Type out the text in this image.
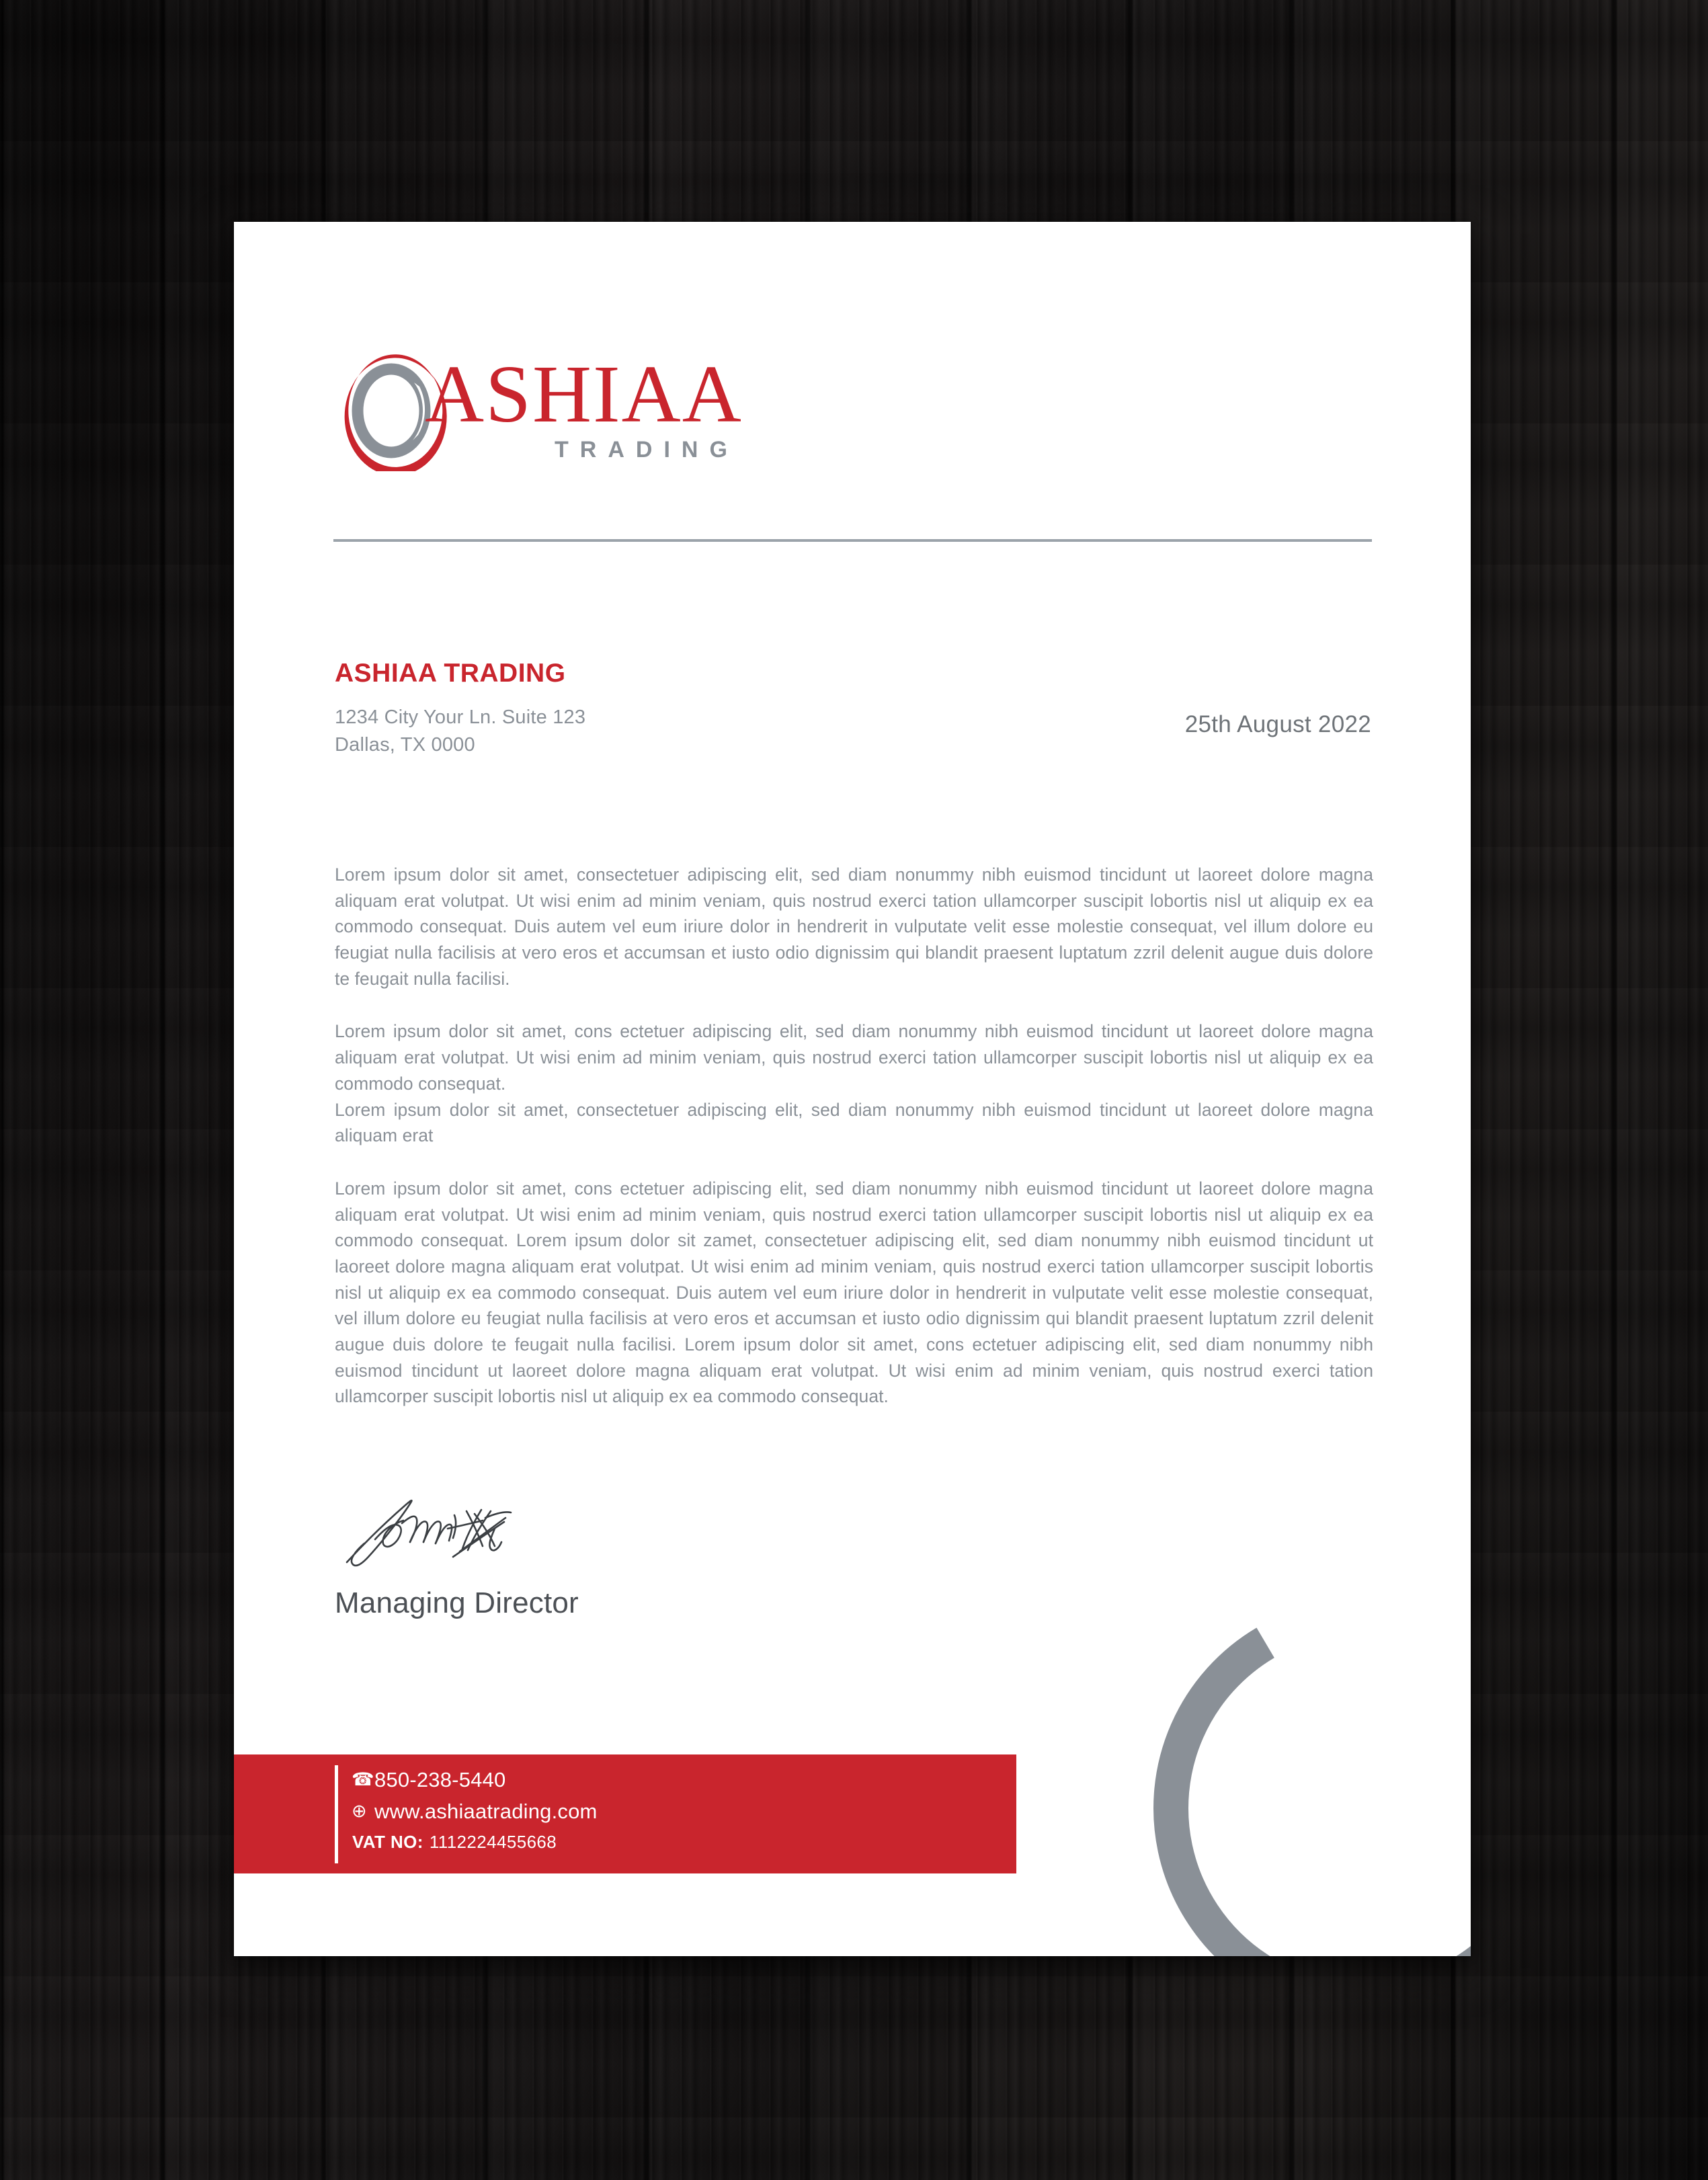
ASHIAA
TRADING
ASHIAA TRADING
1234 City Your Ln. Suite 123
Dallas, TX 0000
25th August 2022

Lorem ipsum dolor sit amet, consectetuer adipiscing elit, sed diam nonummy nibh euismod tincidunt ut laoreet dolore magna aliquam erat volutpat. Ut wisi enim ad minim veniam, quis nostrud exerci tation ullamcorper suscipit lobortis nisl ut aliquip ex ea commodo consequat. Duis autem vel eum iriure dolor in hendrerit in vulputate velit esse molestie consequat, vel illum dolore eu feugiat nulla facilisis at vero eros et accumsan et iusto odio dignissim qui blandit praesent luptatum zzril delenit augue duis dolore te feugait nulla facilisi.

Lorem ipsum dolor sit amet, cons ectetuer adipiscing elit, sed diam nonummy nibh euismod tincidunt ut laoreet dolore magna aliquam erat volutpat. Ut wisi enim ad minim veniam, quis nostrud exerci tation ullamcorper suscipit lobortis nisl ut aliquip ex ea commodo consequat.

Lorem ipsum dolor sit amet, consectetuer adipiscing elit, sed diam nonummy nibh euismod tincidunt ut laoreet dolore magna aliquam erat

Lorem ipsum dolor sit amet, cons ectetuer adipiscing elit, sed diam nonummy nibh euismod tincidunt ut laoreet dolore magna aliquam erat volutpat. Ut wisi enim ad minim veniam, quis nostrud exerci tation ullamcorper suscipit lobortis nisl ut aliquip ex ea commodo consequat. Lorem ipsum dolor sit zamet, consectetuer adipiscing elit, sed diam nonummy nibh euismod tincidunt ut laoreet dolore magna aliquam erat volutpat. Ut wisi enim ad minim veniam, quis nostrud exerci tation ullamcorper suscipit lobortis nisl ut aliquip ex ea commodo consequat. Duis autem vel eum iriure dolor in hendrerit in vulputate velit esse molestie consequat, vel illum dolore eu feugiat nulla facilisis at vero eros et accumsan et iusto odio dignissim qui blandit praesent luptatum zzril delenit augue duis dolore te feugait nulla facilisi. Lorem ipsum dolor sit amet, cons ectetuer adipiscing elit, sed diam nonummy nibh euismod tincidunt ut laoreet dolore magna aliquam erat volutpat. Ut wisi enim ad minim veniam, quis nostrud exerci tation ullamcorper suscipit lobortis nisl ut aliquip ex ea commodo consequat.

Managing Director
☎ 850-238-5440
⊕ www.ashiaatrading.com
VAT NO: 1112224455668
